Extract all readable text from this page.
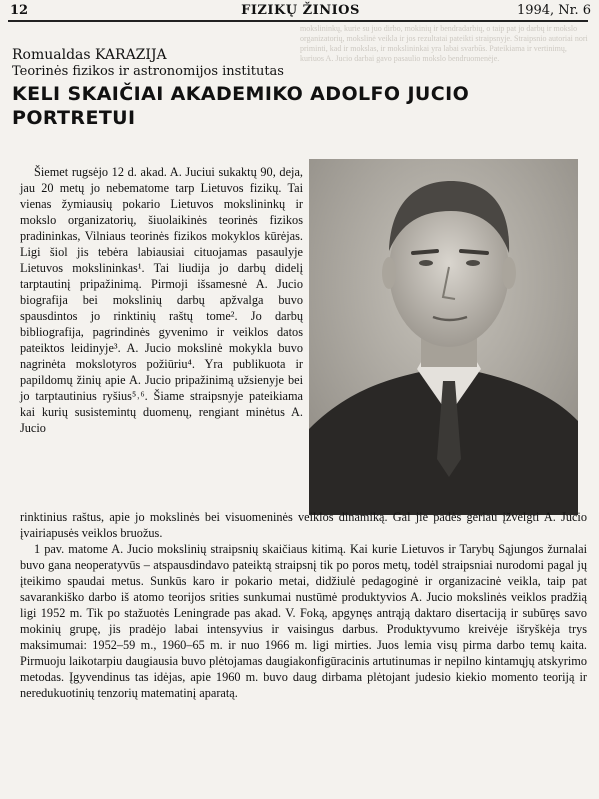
12	FIZIKŲ ŽINIOS	1994, Nr. 6
mokslininkų, kurie su juo dirbo, mokinių ir bendradarbių, o taip pat jo darbų ir mokslo organizatorių, mokslinė veikla ir jos rezultatai pateikti straipsnyje. Straipsnio autoriai nori priminti, kad ir mokslas, ir mokslininkai yra labai svarbūs. Pateikiama ir vertinimų, kuriuos A. Jucio darbai gavo pasaulio mokslo bendruomenėje.
Romualdas KARAZIJA
Teorinės fizikos ir astronomijos institutas
KELI SKAIČIAI AKADEMIKO ADOLFO JUCIO PORTRETUI

Šiemet rugsėjo 12 d. akad. A. Juciui sukaktų 90, deja, jau 20 metų jo nebematome tarp Lietuvos fizikų. Tai vienas žymiausių pokario Lietuvos mokslininkų ir mokslo organizatorių, šiuolaikinės teorinės fizikos pradininkas, Vilniaus teorinės fizikos mokyklos kūrėjas. Ligi šiol jis tebėra labiausiai cituojamas pasaulyje Lietuvos mokslininkas¹. Tai liudija jo darbų didelį tarptautinį pripažinimą. Pirmoji išsamesnė A. Jucio biografija bei mokslinių darbų apžvalga buvo spausdintos jo rinktinių raštų tome². Jo darbų bibliografija, pagrindinės gyvenimo ir veiklos datos pateiktos leidinyje³. A. Jucio mokslinė mokykla buvo nagrinėta mokslotyros požiūriu⁴. Yra publikuota ir papildomų žinių apie A. Jucio pripažinimą užsienyje bei jo tarptautinius ryšius⁵˒⁶. Šiame straipsnyje pateikiama kai kurių susistemintų duomenų, rengiant minėtus A. Jucio

rinktinius raštus, apie jo mokslinės bei visuomeninės veiklos dinamiką. Gal jie padės geriau įžvelgti A. Jucio įvairiapusės veiklos bruožus.

1 pav. matome A. Jucio mokslinių straipsnių skaičiaus kitimą. Kai kurie Lietuvos ir Tarybų Sąjungos žurnalai buvo gana neoperatyvūs – atspausdindavo pateiktą straipsnį tik po poros metų, todėl straipsniai nurodomi pagal jų įteikimo spaudai metus. Sunkūs karo ir pokario metai, didžiulė pedagoginė ir organizacinė veikla, taip pat savarankiško darbo iš atomo teorijos srities sunkumai nustūmė produktyvios A. Jucio mokslinės veiklos pradžią ligi 1952 m. Tik po stažuotės Leningrade pas akad. V. Foką, apgynęs antrąją daktaro disertaciją ir subūręs savo mokinių grupę, jis pradėjo labai intensyvius ir vaisingus darbus. Produktyvumo kreivėje išryškėja trys maksimumai: 1952–59 m., 1960–65 m. ir nuo 1966 m. ligi mirties. Juos lemia visų pirma darbo temų kaita. Pirmuoju laikotarpiu daugiausia buvo plėtojamas daugiakonfigūracinis artutinumas ir nepilno kintamųjų atskyrimo metodas. Įgyvendinus tas idėjas, apie 1960 m. buvo daug dirbama plėtojant judesio kiekio momento teoriją ir neredukuotinių tenzorių matematinį aparatą.
